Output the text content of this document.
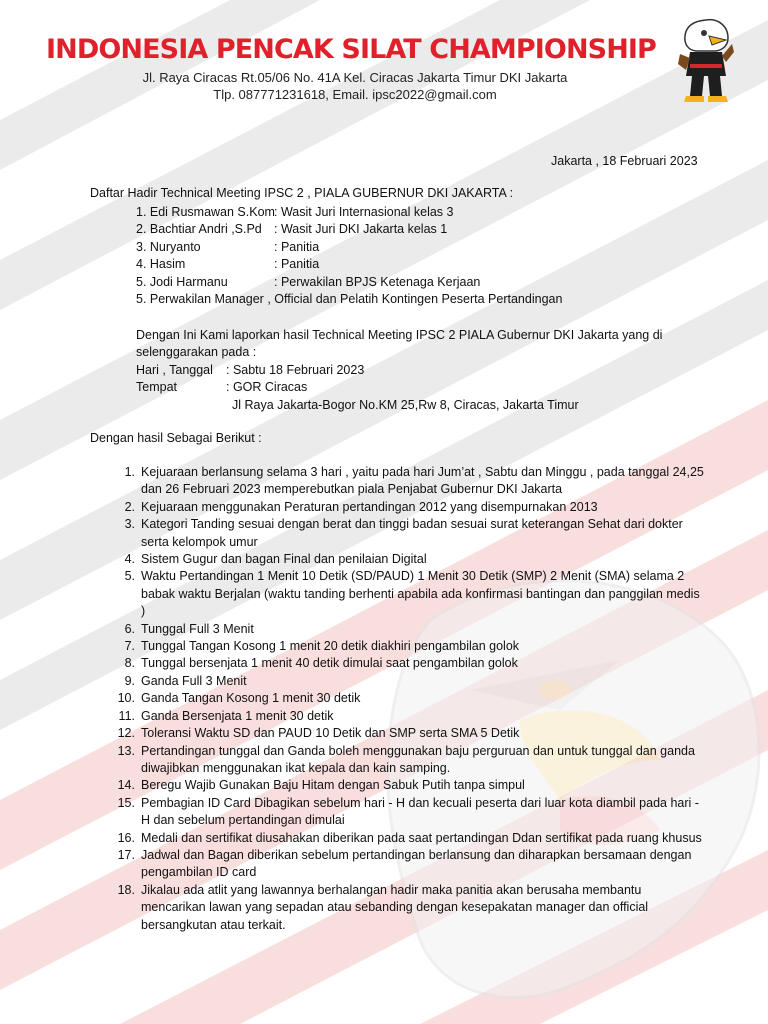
INDONESIA PENCAK SILAT CHAMPIONSHIP
Jl. Raya Ciracas Rt.05/06 No. 41A Kel. Ciracas Jakarta Timur DKI Jakarta
Tlp. 087771231618, Email. ipsc2022@gmail.com
Jakarta , 18 Februari 2023
Daftar Hadir Technical Meeting IPSC 2 , PIALA GUBERNUR DKI JAKARTA :
1. Edi Rusmawan S.Kom : Wasit Juri Internasional kelas 3
2. Bachtiar Andri ,S.Pd : Wasit Juri DKI Jakarta kelas 1
3. Nuryanto	: Panitia
4. Hasim	: Panitia
5. Jodi Harmanu	: Perwakilan BPJS Ketenaga Kerjaan
5. Perwakilan Manager , Official dan Pelatih Kontingen Peserta Pertandingan
Dengan Ini Kami laporkan hasil Technical Meeting IPSC 2 PIALA Gubernur DKI Jakarta yang di selenggarakan pada :
Hari , Tanggal	: Sabtu 18 Februari 2023
Tempat	: GOR Ciracas
Jl Raya Jakarta-Bogor No.KM 25,Rw 8, Ciracas, Jakarta Timur
Dengan hasil Sebagai Berikut :
1. Kejuaraan berlansung selama 3 hari , yaitu pada hari Jum’at , Sabtu dan Minggu , pada tanggal 24,25 dan 26 Februari 2023 memperebutkan piala Penjabat Gubernur DKI Jakarta
2. Kejuaraan menggunakan Peraturan pertandingan 2012 yang disempurnakan 2013
3. Kategori Tanding sesuai dengan berat dan tinggi badan sesuai surat keterangan Sehat dari dokter serta kelompok umur
4. Sistem Gugur dan bagan Final dan penilaian Digital
5. Waktu Pertandingan 1 Menit 10 Detik (SD/PAUD) 1 Menit 30 Detik (SMP) 2 Menit (SMA) selama 2 babak waktu Berjalan (waktu tanding berhenti apabila ada konfirmasi bantingan dan panggilan medis )
6. Tunggal Full 3 Menit
7. Tunggal Tangan Kosong 1 menit 20 detik diakhiri pengambilan golok
8. Tunggal bersenjata 1 menit 40 detik dimulai saat pengambilan golok
9. Ganda Full 3 Menit
10. Ganda Tangan Kosong 1 menit 30 detik
11. Ganda Bersenjata 1 menit 30 detik
12. Toleransi Waktu SD dan PAUD 10 Detik dan SMP serta SMA 5 Detik
13. Pertandingan tunggal dan Ganda boleh menggunakan baju perguruan dan untuk tunggal dan ganda diwajibkan menggunakan ikat kepala dan kain samping.
14. Beregu Wajib Gunakan Baju Hitam dengan Sabuk Putih tanpa simpul
15. Pembagian ID Card Dibagikan sebelum hari - H dan kecuali peserta dari luar kota diambil pada hari - H dan sebelum pertandingan dimulai
16. Medali dan sertifikat diusahakan diberikan pada saat pertandingan Ddan sertifikat pada ruang khusus
17. Jadwal dan Bagan diberikan sebelum pertandingan berlansung dan diharapkan bersamaan dengan pengambilan ID card
18. Jikalau ada atlit yang lawannya berhalangan hadir maka panitia akan berusaha membantu mencarikan lawan yang sepadan atau sebanding dengan kesepakatan manager dan official bersangkutan atau terkait.
